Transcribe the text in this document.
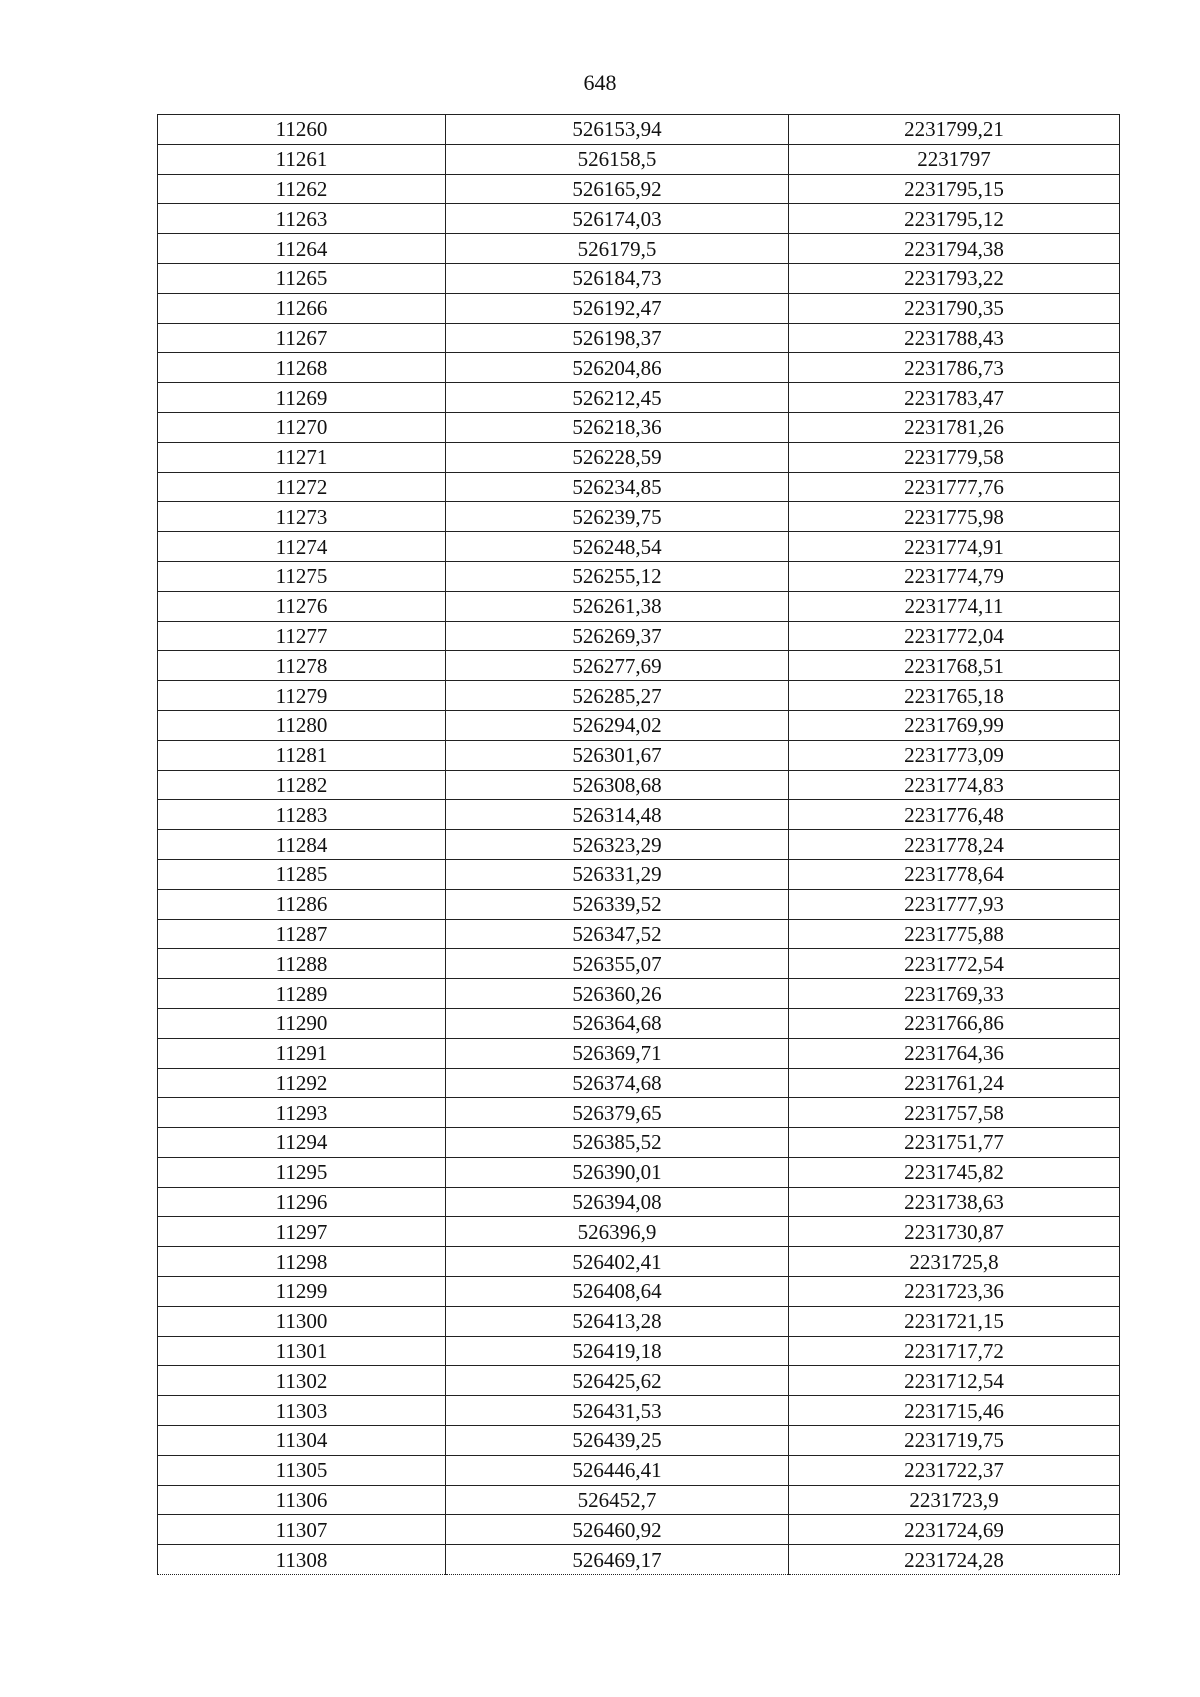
648
11260	526153,94	2231799,21
11261	526158,5	2231797
11262	526165,92	2231795,15
11263	526174,03	2231795,12
11264	526179,5	2231794,38
11265	526184,73	2231793,22
11266	526192,47	2231790,35
11267	526198,37	2231788,43
11268	526204,86	2231786,73
11269	526212,45	2231783,47
11270	526218,36	2231781,26
11271	526228,59	2231779,58
11272	526234,85	2231777,76
11273	526239,75	2231775,98
11274	526248,54	2231774,91
11275	526255,12	2231774,79
11276	526261,38	2231774,11
11277	526269,37	2231772,04
11278	526277,69	2231768,51
11279	526285,27	2231765,18
11280	526294,02	2231769,99
11281	526301,67	2231773,09
11282	526308,68	2231774,83
11283	526314,48	2231776,48
11284	526323,29	2231778,24
11285	526331,29	2231778,64
11286	526339,52	2231777,93
11287	526347,52	2231775,88
11288	526355,07	2231772,54
11289	526360,26	2231769,33
11290	526364,68	2231766,86
11291	526369,71	2231764,36
11292	526374,68	2231761,24
11293	526379,65	2231757,58
11294	526385,52	2231751,77
11295	526390,01	2231745,82
11296	526394,08	2231738,63
11297	526396,9	2231730,87
11298	526402,41	2231725,8
11299	526408,64	2231723,36
11300	526413,28	2231721,15
11301	526419,18	2231717,72
11302	526425,62	2231712,54
11303	526431,53	2231715,46
11304	526439,25	2231719,75
11305	526446,41	2231722,37
11306	526452,7	2231723,9
11307	526460,92	2231724,69
11308	526469,17	2231724,28
